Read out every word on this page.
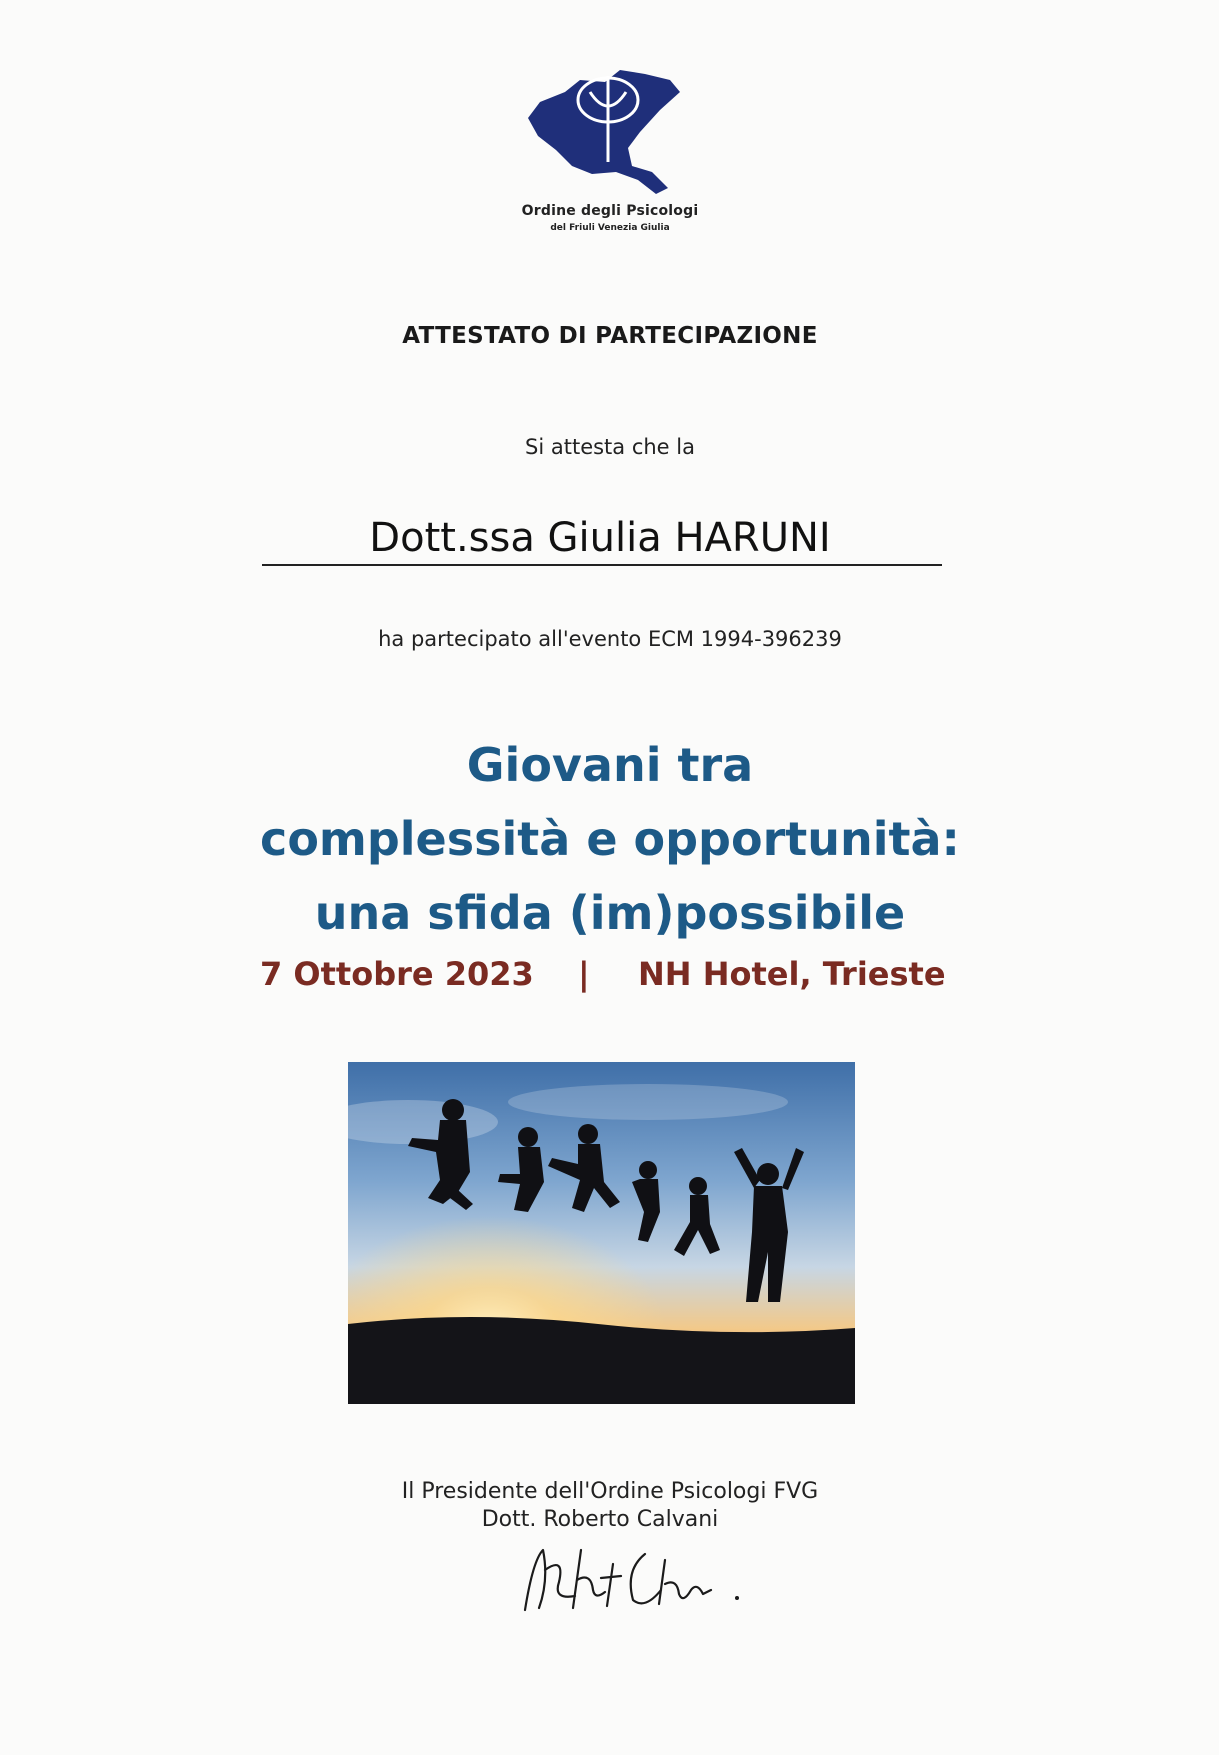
Ordine degli Psicologi
del Friuli Venezia Giulia
ATTESTATO DI PARTECIPAZIONE
Si attesta che la
Dott.ssa Giulia HARUNI
ha partecipato all'evento ECM 1994-396239
Giovani tra
complessità e opportunità:
una sfida (im)possibile
7 Ottobre 2023 | NH Hotel, Trieste
Il Presidente dell'Ordine Psicologi FVG
Dott. Roberto Calvani
